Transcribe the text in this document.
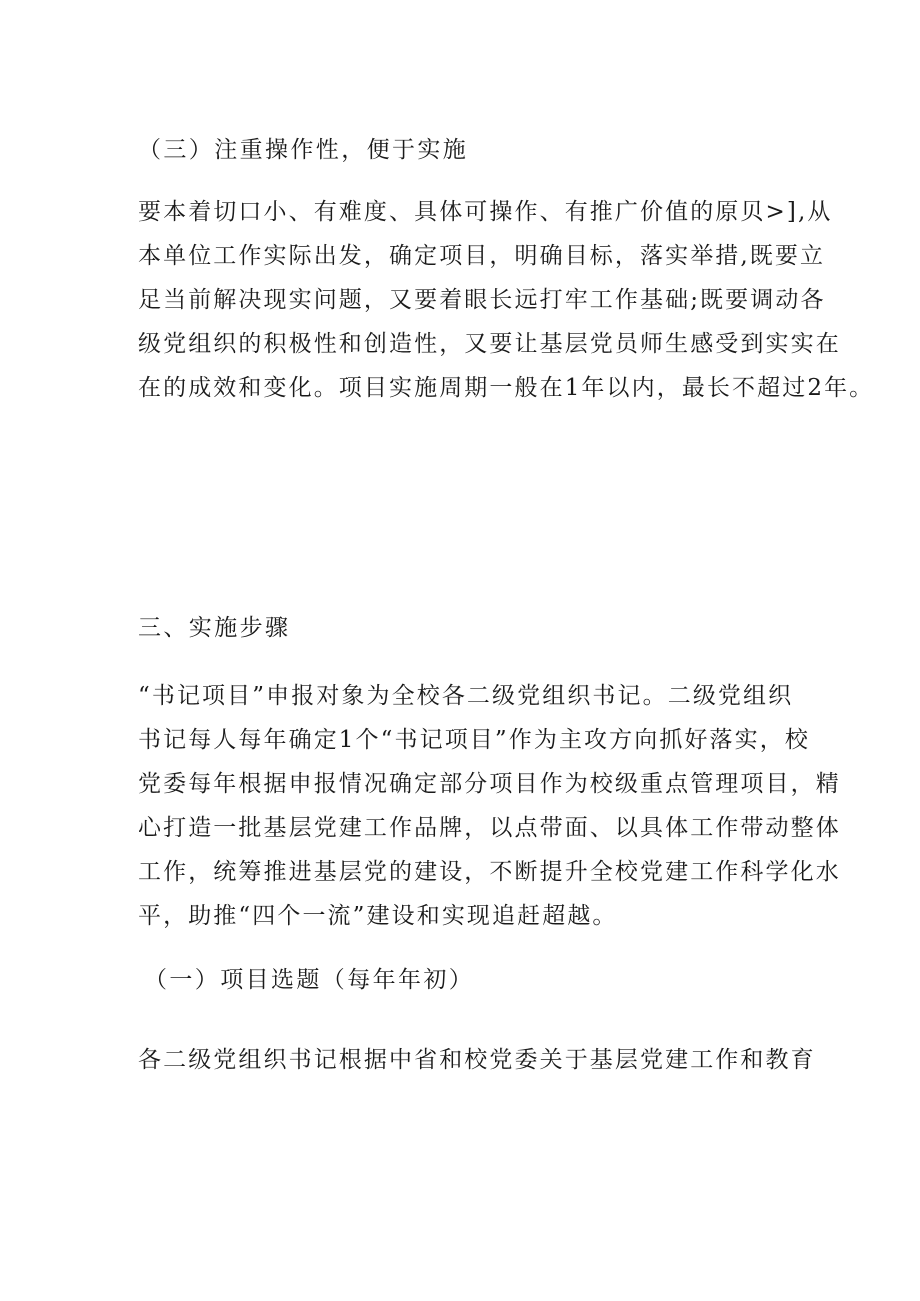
（三）注重操作性，便于实施
要本着切口小、有难度、具体可操作、有推广价值的原贝>],从
本单位工作实际出发，确定项目，明确目标，落实举措,既要立
足当前解决现实问题，又要着眼长远打牢工作基础;既要调动各
级党组织的积极性和创造性，又要让基层党员师生感受到实实在
在的成效和变化。项目实施周期一般在1年以内，最长不超过2年。
三、实施步骤
“书记项目”申报对象为全校各二级党组织书记。二级党组织
书记每人每年确定1个“书记项目”作为主攻方向抓好落实，校
党委每年根据申报情况确定部分项目作为校级重点管理项目，精
心打造一批基层党建工作品牌，以点带面、以具体工作带动整体
工作，统筹推进基层党的建设，不断提升全校党建工作科学化水
平，助推“四个一流”建设和实现追赶超越。
（一）项目选题（每年年初）
各二级党组织书记根据中省和校党委关于基层党建工作和教育
